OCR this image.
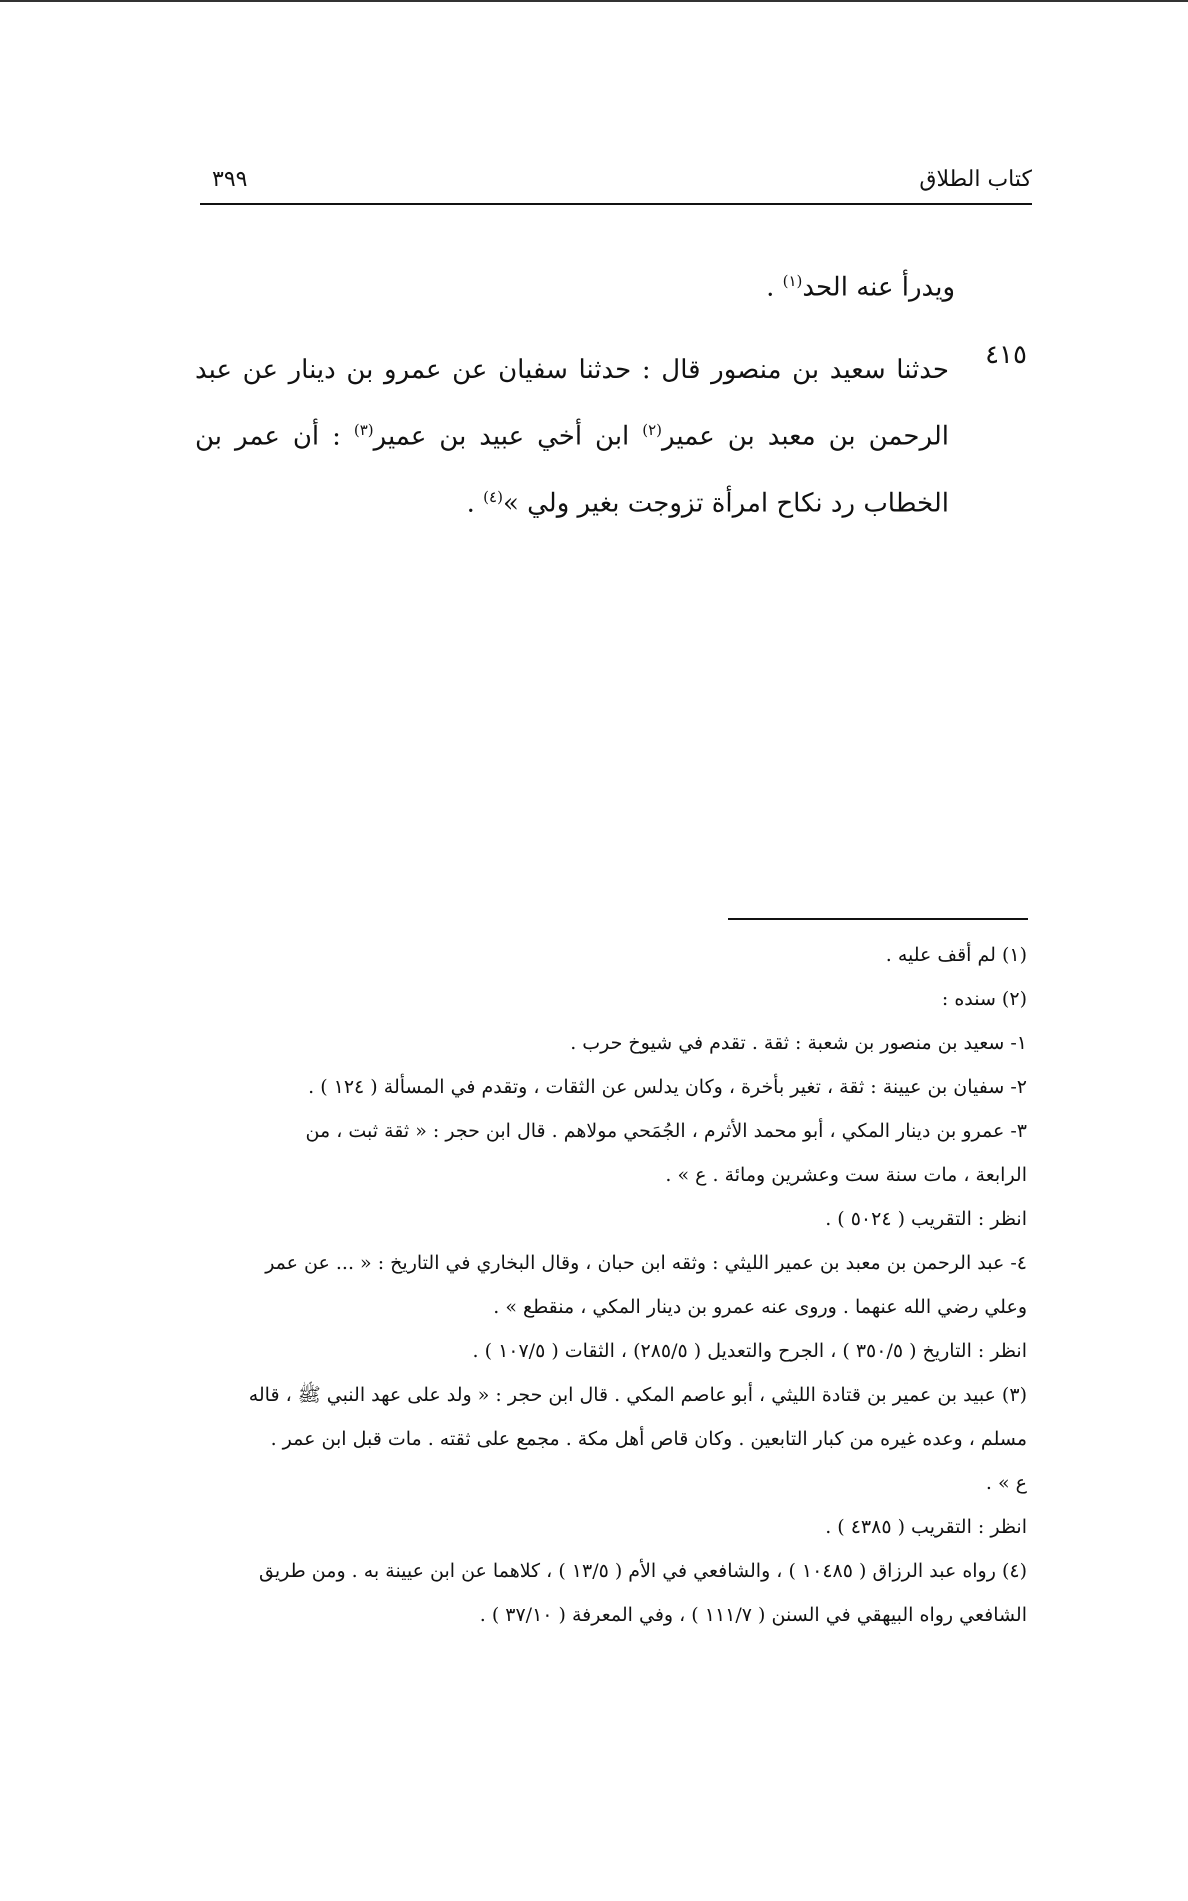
كتاب الطلاق
٣٩٩
ويدرأ عنه الحد$^{(١)}$ .
٤١٥
حدثنا سعيد بن منصور قال : حدثنا سفيان عن عمرو بن دينار عن عبد الرحمن بن معبد بن عمير$^{(٢)}$ ابن أخي عبيد بن عمير$^{(٣)}$ : أن عمر بن الخطاب رد نكاح امرأة تزوجت بغير ولي »$^{(٤)}$ .
(١) لم أقف عليه .
(٢) سنده :
١- سعيد بن منصور بن شعبة : ثقة . تقدم في شيوخ حرب .
٢- سفيان بن عيينة : ثقة ، تغير بأخرة ، وكان يدلس عن الثقات ، وتقدم في المسألة ( ١٢٤ ) .
٣- عمرو بن دينار المكي ، أبو محمد الأثرم ، الجُمَحي مولاهم . قال ابن حجر : « ثقة ثبت ، من
الرابعة ، مات سنة ست وعشرين ومائة . ع » .
انظر : التقريب ( ٥٠٢٤ ) .
٤- عبد الرحمن بن معبد بن عمير الليثي : وثقه ابن حبان ، وقال البخاري في التاريخ : « ... عن عمر
وعلي رضي الله عنهما . وروى عنه عمرو بن دينار المكي ، منقطع » .
انظر : التاريخ ( ٣٥٠/٥ ) ، الجرح والتعديل ( ٢٨٥/٥) ، الثقات ( ١٠٧/٥ ) .
(٣) عبيد بن عمير بن قتادة الليثي ، أبو عاصم المكي . قال ابن حجر : « ولد على عهد النبي ﷺ ، قاله
مسلم ، وعده غيره من كبار التابعين . وكان قاص أهل مكة . مجمع على ثقته . مات قبل ابن عمر .
ع » .
انظر : التقريب ( ٤٣٨٥ ) .
(٤) رواه عبد الرزاق ( ١٠٤٨٥ ) ، والشافعي في الأم ( ١٣/٥ ) ، كلاهما عن ابن عيينة به . ومن طريق
الشافعي رواه البيهقي في السنن ( ١١١/٧ ) ، وفي المعرفة ( ٣٧/١٠ ) .
